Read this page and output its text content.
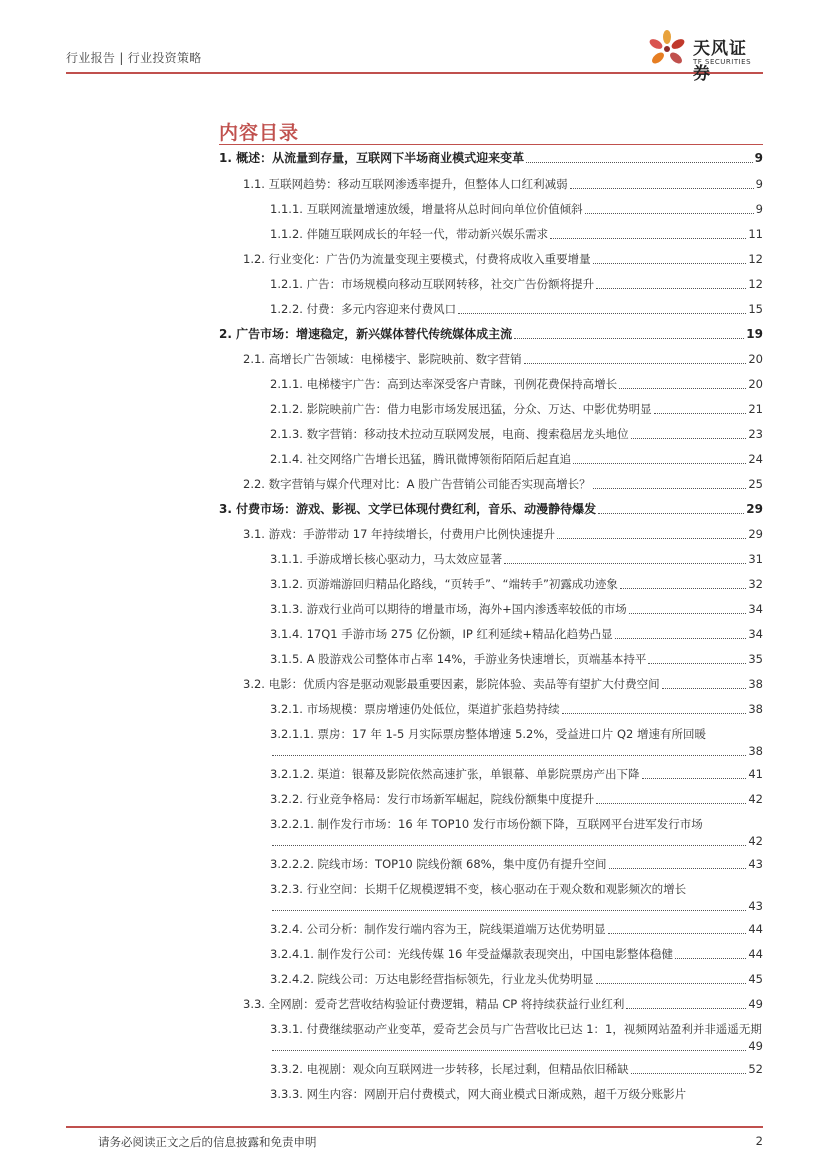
行业报告 | 行业投资策略	天风证券
TF SECURITIES
内容目录
1. 概述：从流量到存量，互联网下半场商业模式迎来变革	9
1.1. 互联网趋势：移动互联网渗透率提升，但整体人口红利减弱	9
1.1.1. 互联网流量增速放缓，增量将从总时间向单位价值倾斜	9
1.1.2. 伴随互联网成长的年轻一代，带动新兴娱乐需求	11
1.2. 行业变化：广告仍为流量变现主要模式，付费将成收入重要增量	12
1.2.1. 广告：市场规模向移动互联网转移，社交广告份额将提升	12
1.2.2. 付费：多元内容迎来付费风口	15
2. 广告市场：增速稳定，新兴媒体替代传统媒体成主流	19
2.1. 高增长广告领域：电梯楼宇、影院映前、数字营销	20
2.1.1. 电梯楼宇广告：高到达率深受客户青睐，刊例花费保持高增长	20
2.1.2. 影院映前广告：借力电影市场发展迅猛，分众、万达、中影优势明显	21
2.1.3. 数字营销：移动技术拉动互联网发展，电商、搜索稳居龙头地位	23
2.1.4. 社交网络广告增长迅猛，腾讯微博领衔陌陌后起直追	24
2.2. 数字营销与媒介代理对比：A 股广告营销公司能否实现高增长？	25
3. 付费市场：游戏、影视、文学已体现付费红利，音乐、动漫静待爆发	29
3.1. 游戏：手游带动 17 年持续增长，付费用户比例快速提升	29
3.1.1. 手游成增长核心驱动力，马太效应显著	31
3.1.2. 页游端游回归精品化路线，“页转手”、“端转手”初露成功迹象	32
3.1.3. 游戏行业尚可以期待的增量市场，海外+国内渗透率较低的市场	34
3.1.4. 17Q1 手游市场 275 亿份额，IP 红利延续+精品化趋势凸显	34
3.1.5. A 股游戏公司整体市占率 14%，手游业务快速增长，页端基本持平	35
3.2. 电影：优质内容是驱动观影最重要因素，影院体验、卖品等有望扩大付费空间	38
3.2.1. 市场规模：票房增速仍处低位，渠道扩张趋势持续	38
3.2.1.1. 票房：17 年 1-5 月实际票房整体增速 5.2%，受益进口片 Q2 增速有所回暖
38
3.2.1.2. 渠道：银幕及影院依然高速扩张，单银幕、单影院票房产出下降	41
3.2.2. 行业竞争格局：发行市场新军崛起，院线份额集中度提升	42
3.2.2.1. 制作发行市场：16 年 TOP10 发行市场份额下降，互联网平台进军发行市场
42
3.2.2.2. 院线市场：TOP10 院线份额 68%，集中度仍有提升空间	43
3.2.3. 行业空间：长期千亿规模逻辑不变，核心驱动在于观众数和观影频次的增长
43
3.2.4. 公司分析：制作发行端内容为王，院线渠道端万达优势明显	44
3.2.4.1. 制作发行公司：光线传媒 16 年受益爆款表现突出，中国电影整体稳健	44
3.2.4.2. 院线公司：万达电影经营指标领先，行业龙头优势明显	45
3.3. 全网剧：爱奇艺营收结构验证付费逻辑，精品 CP 将持续获益行业红利	49
3.3.1. 付费继续驱动产业变革，爱奇艺会员与广告营收比已达 1：1，视频网站盈利并非遥遥无期
49
3.3.2. 电视剧：观众向互联网进一步转移，长尾过剩，但精品依旧稀缺	52
3.3.3. 网生内容：网剧开启付费模式，网大商业模式日渐成熟，超千万级分账影片
请务必阅读正文之后的信息披露和免责申明	2
